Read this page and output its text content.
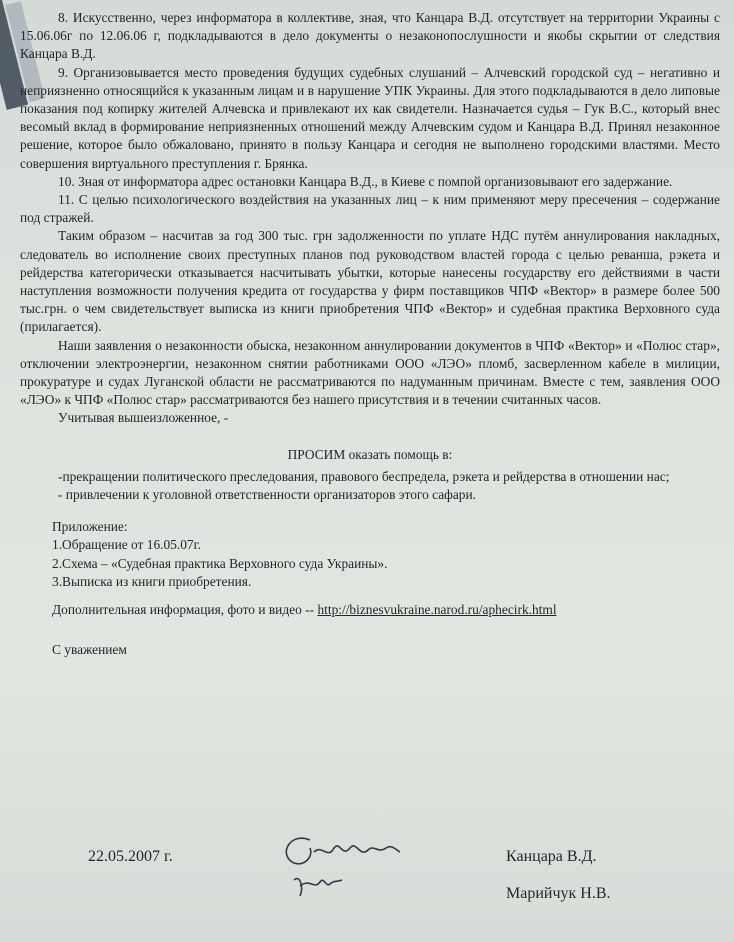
8. Искусственно, через информатора в коллективе, зная, что Канцара В.Д. отсутствует на территории Украины с 15.06.06г по 12.06.06 г, подкладываются в дело документы о незаконопослушности и якобы скрытии от следствия Канцара В.Д.

9. Организовывается место проведения будущих судебных слушаний – Алчевский городской суд – негативно и неприязненно относящийся к указанным лицам и в нарушение УПК Украины. Для этого подкладываются в дело липовые показания под копирку жителей Алчевска и привлекают их как свидетели. Назначается судья – Гук В.С., который внес весомый вклад в формирование неприязненных отношений между Алчевским судом и Канцара В.Д. Принял незаконное решение, которое было обжаловано, принято в пользу Канцара и сегодня не выполнено городскими властями. Место совершения виртуального преступления г. Брянка.

10. Зная от информатора адрес остановки Канцара В.Д., в Киеве с помпой организовывают его задержание.

11. С целью психологического воздействия на указанных лиц – к ним применяют меру пресечения – содержание под стражей.

Таким образом – насчитав за год 300 тыс. грн задолженности по уплате НДС путём аннулирования накладных, следователь во исполнение своих преступных планов под руководством властей города с целью реванша, рэкета и рейдерства категорически отказывается насчитывать убытки, которые нанесены государству его действиями в части наступления возможности получения кредита от государства у фирм поставщиков ЧПФ «Вектор» в размере более 500 тыс.грн. о чем свидетельствует выписка из книги приобретения ЧПФ «Вектор» и судебная практика Верховного суда (прилагается).

Наши заявления о незаконности обыска, незаконном аннулировании документов в ЧПФ «Вектор» и «Полюс стар», отключении электроэнергии, незаконном снятии работниками ООО «ЛЭО» пломб, засверленном кабеле в милиции, прокуратуре и судах Луганской области не рассматриваются по надуманным причинам. Вместе с тем, заявления ООО «ЛЭО» к ЧПФ «Полюс стар» рассматриваются без нашего присутствия и в течении считанных часов.

Учитывая вышеизложенное, -

ПРОСИМ оказать помощь в:

-прекращении политического преследования, правового беспредела, рэкета и рейдерства в отношении нас;

- привлечении к уголовной ответственности организаторов этого сафари.

Приложение:

1.Обращение от 16.05.07г.

2.Схема – «Судебная практика Верховного суда Украины».

3.Выписка из книги приобретения.

Дополнительная информация, фото и видео -- http://biznesvukraine.narod.ru/aphecirk.html
С уважением
22.05.2007 г.	Канцара В.Д.
Марийчук Н.В.
